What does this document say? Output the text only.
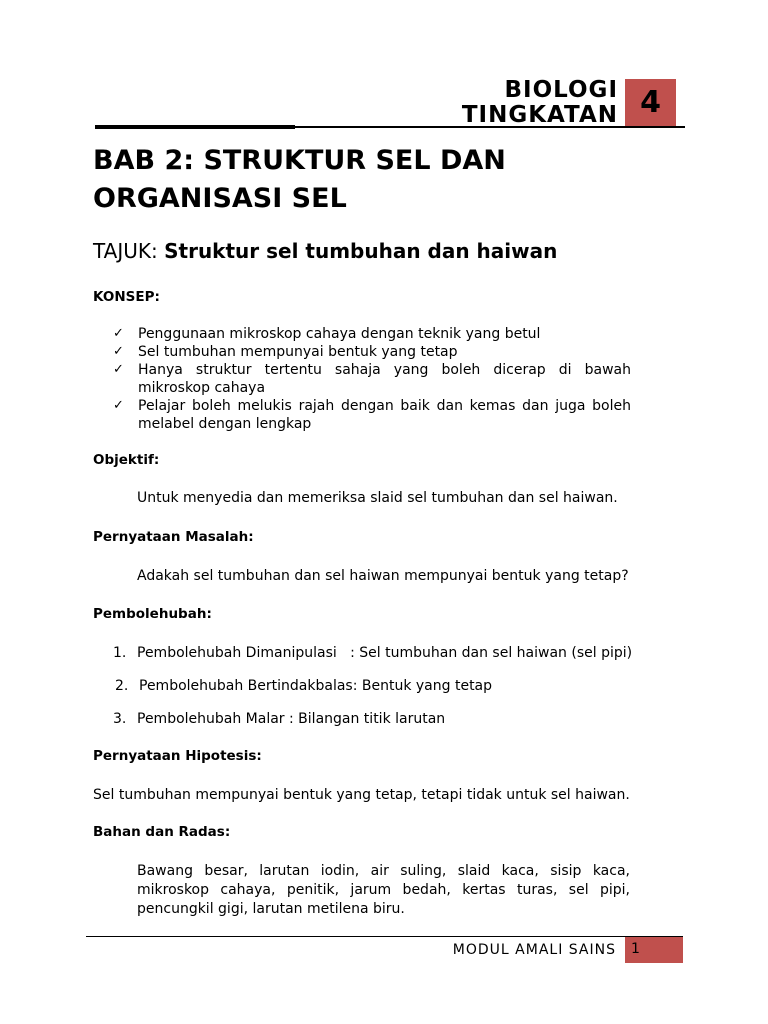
BIOLOGI
TINGKATAN 4
BAB 2: STRUKTUR SEL DAN
ORGANISASI SEL
TAJUK: Struktur sel tumbuhan dan haiwan
KONSEP:
✓ Penggunaan mikroskop cahaya dengan teknik yang betul
✓ Sel tumbuhan mempunyai bentuk yang tetap
✓ Hanya struktur tertentu sahaja yang boleh dicerap di bawah mikroskop cahaya
✓ Pelajar boleh melukis rajah dengan baik dan kemas dan juga boleh melabel dengan lengkap
Objektif:
Untuk menyedia dan memeriksa slaid sel tumbuhan dan sel haiwan.
Pernyataan Masalah:
Adakah sel tumbuhan dan sel haiwan mempunyai bentuk yang tetap?
Pembolehubah:
1. Pembolehubah Dimanipulasi   : Sel tumbuhan dan sel haiwan (sel pipi)
2. Pembolehubah Bertindakbalas: Bentuk yang tetap
3. Pembolehubah Malar : Bilangan titik larutan
Pernyataan Hipotesis:
Sel tumbuhan mempunyai bentuk yang tetap, tetapi tidak untuk sel haiwan.
Bahan dan Radas:
Bawang besar, larutan iodin, air suling, slaid kaca, sisip kaca, mikroskop cahaya, penitik, jarum bedah, kertas turas, sel pipi, pencungkil gigi, larutan metilena biru.
MODUL AMALI SAINS	1
